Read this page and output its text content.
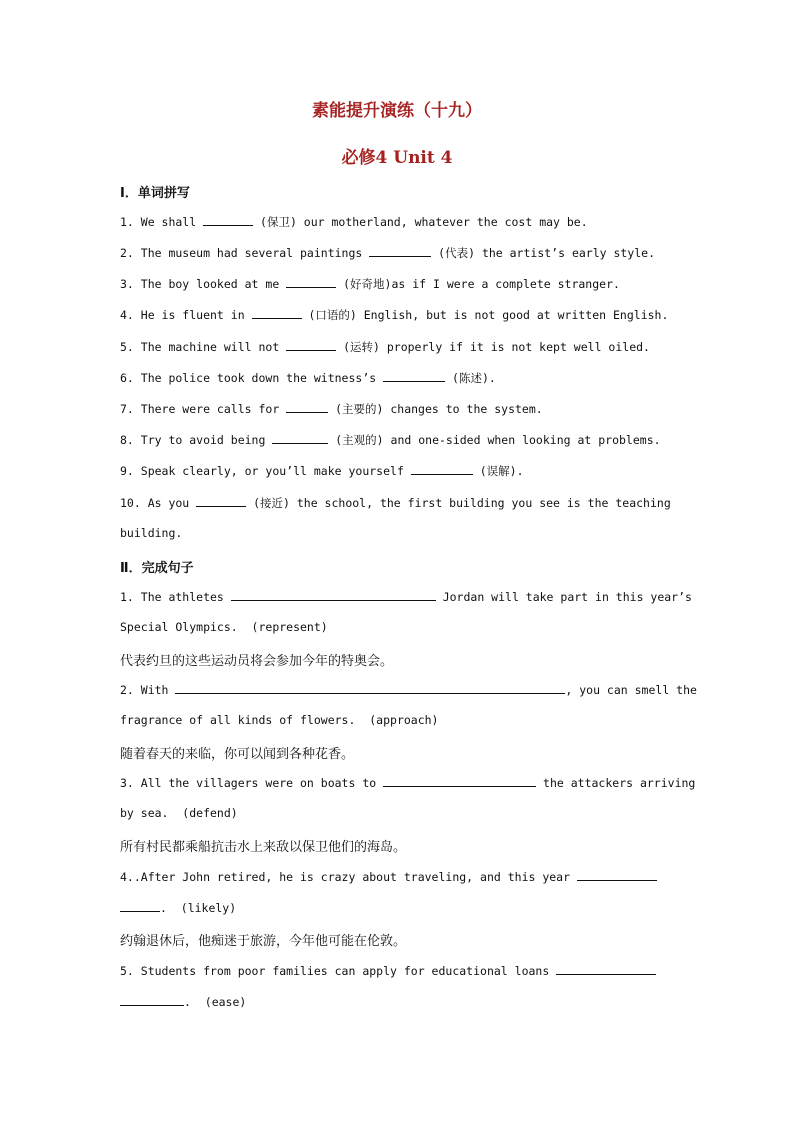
素能提升演练（十九）
必修4 Unit 4
Ⅰ．单词拼写
1. We shall	(保卫) our motherland, whatever the cost may be.
2. The museum had several paintings	(代表) the artist’s early style.
3. The boy looked at me	(好奇地)as if I were a complete stranger.
4. He is fluent in	(口语的) English, but is not good at written English.
5. The machine will not	(运转) properly if it is not kept well oiled.
6. The police took down the witness’s	(陈述).
7. There were calls for	(主要的) changes to the system.
8. Try to avoid being	(主观的) and one-sided when looking at problems.
9. Speak clearly, or you’ll make yourself	(误解).
10. As you	(接近) the school, the first building you see is the teaching
building.
Ⅱ．完成句子
1. The athletes	Jordan will take part in this year’s
Special Olympics.  (represent)
代表约旦的这些运动员将会参加今年的特奥会。
2. With	, you can smell the
fragrance of all kinds of flowers.  (approach)
随着春天的来临，你可以闻到各种花香。
3. All the villagers were on boats to	the attackers arriving
by sea.  (defend)
所有村民都乘船抗击水上来敌以保卫他们的海岛。
4..After John retired, he is crazy about traveling, and this year
.  (likely)
约翰退休后，他痴迷于旅游，今年他可能在伦敦。
5. Students from poor families can apply for educational loans
.  (ease)
